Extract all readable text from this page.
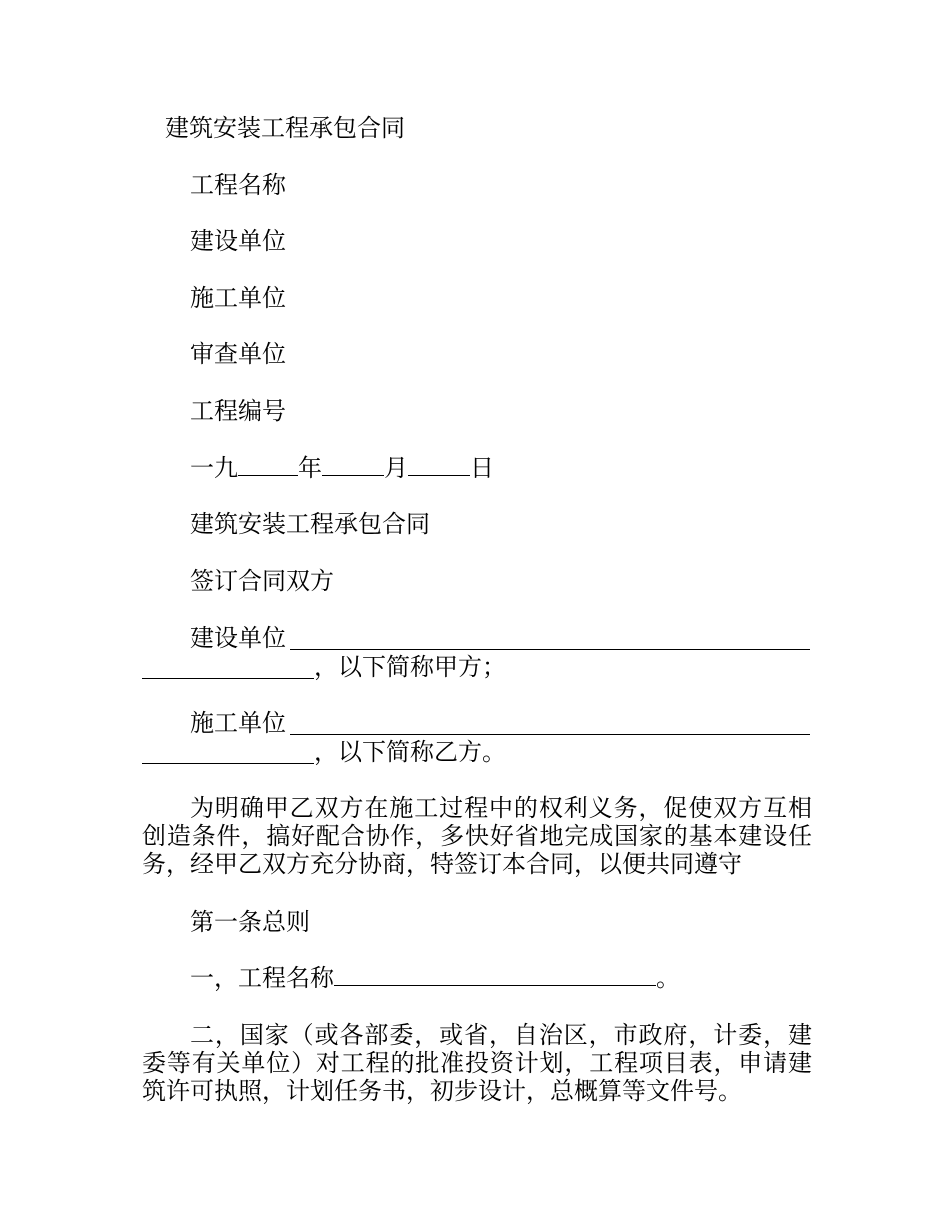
建筑安装工程承包合同
工程名称
建设单位
施工单位
审查单位
工程编号
一九	年	月	日
建筑安装工程承包合同
签订合同双方
建设单位
，以下简称甲方；
施工单位
，以下简称乙方。
为明确甲乙双方在施工过程中的权利义务，促使双方互相创造条件，搞好配合协作，多快好省地完成国家的基本建设任务，经甲乙双方充分协商，特签订本合同，以便共同遵守
第一条总则
一，工程名称	。
二，国家（或各部委，或省，自治区，市政府，计委，建委等有关单位）对工程的批准投资计划，工程项目表，申请建筑许可执照，计划任务书，初步设计，总概算等文件号。
